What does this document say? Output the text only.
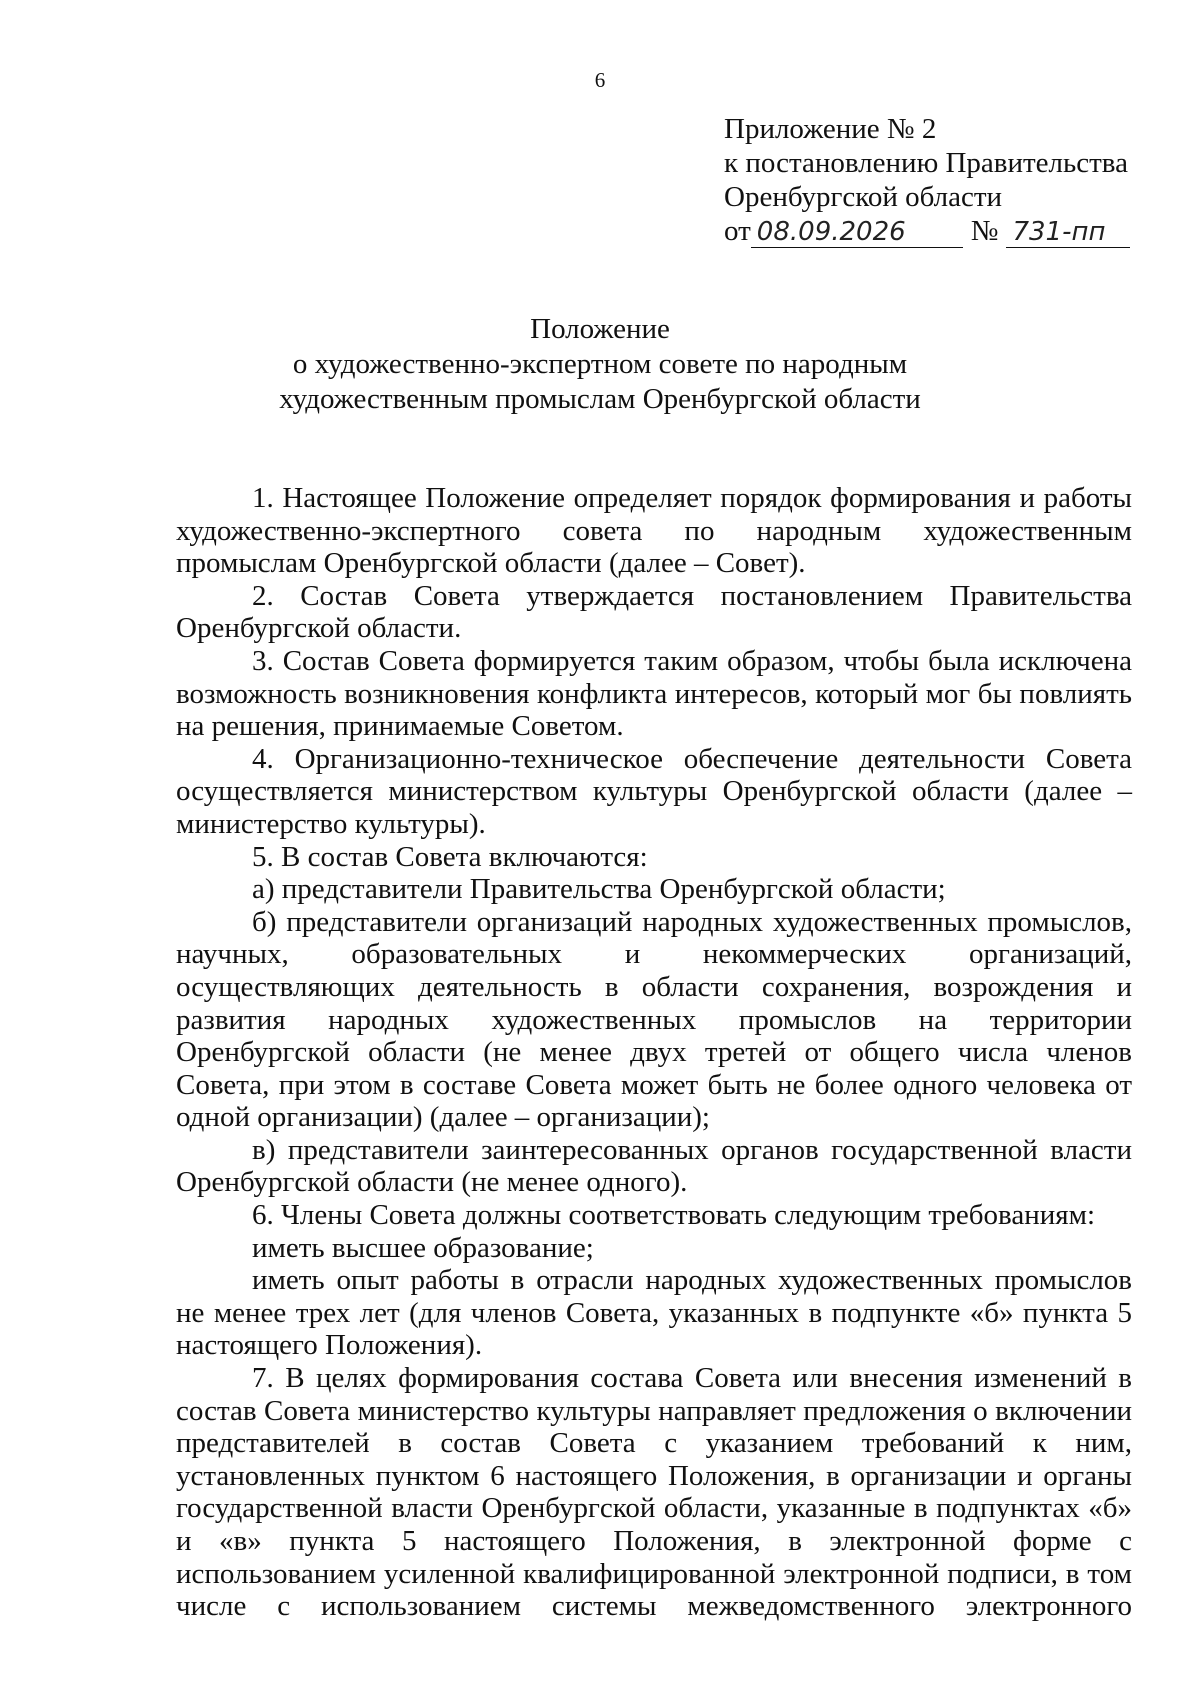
6
Приложение № 2
к постановлению Правительства
Оренбургской области
от 08.09.2026	№ 731-пп
Положение
о художественно-экспертном совете по народным
художественным промыслам Оренбургской области

1. Настоящее Положение определяет порядок формирования и работы художественно-экспертного совета по народным художественным промыслам Оренбургской области (далее – Совет).

2. Состав Совета утверждается постановлением Правительства Оренбургской области.

3. Состав Совета формируется таким образом, чтобы была исключена возможность возникновения конфликта интересов, который мог бы повлиять на решения, принимаемые Советом.

4. Организационно-техническое обеспечение деятельности Совета осуществляется министерством культуры Оренбургской области (далее – министерство культуры).

5. В состав Совета включаются:

а) представители Правительства Оренбургской области;

б) представители организаций народных художественных промыслов, научных, образовательных и некоммерческих организаций, осуществляющих деятельность в области сохранения, возрождения и развития народных художественных промыслов на территории Оренбургской области (не менее двух третей от общего числа членов Совета, при этом в составе Совета может быть не более одного человека от одной организации) (далее – организации);

в) представители заинтересованных органов государственной власти Оренбургской области (не менее одного).

6. Члены Совета должны соответствовать следующим требованиям:

иметь высшее образование;

иметь опыт работы в отрасли народных художественных промыслов не менее трех лет (для членов Совета, указанных в подпункте «б» пункта 5 настоящего Положения).

7. В целях формирования состава Совета или внесения изменений в состав Совета министерство культуры направляет предложения о включении представителей в состав Совета с указанием требований к ним, установленных пунктом 6 настоящего Положения, в организации и органы государственной власти Оренбургской области, указанные в подпунктах «б» и «в» пункта 5 настоящего Положения, в электронной форме с использованием усиленной квалифицированной электронной подписи, в том числе с использованием системы межведомственного электронного
